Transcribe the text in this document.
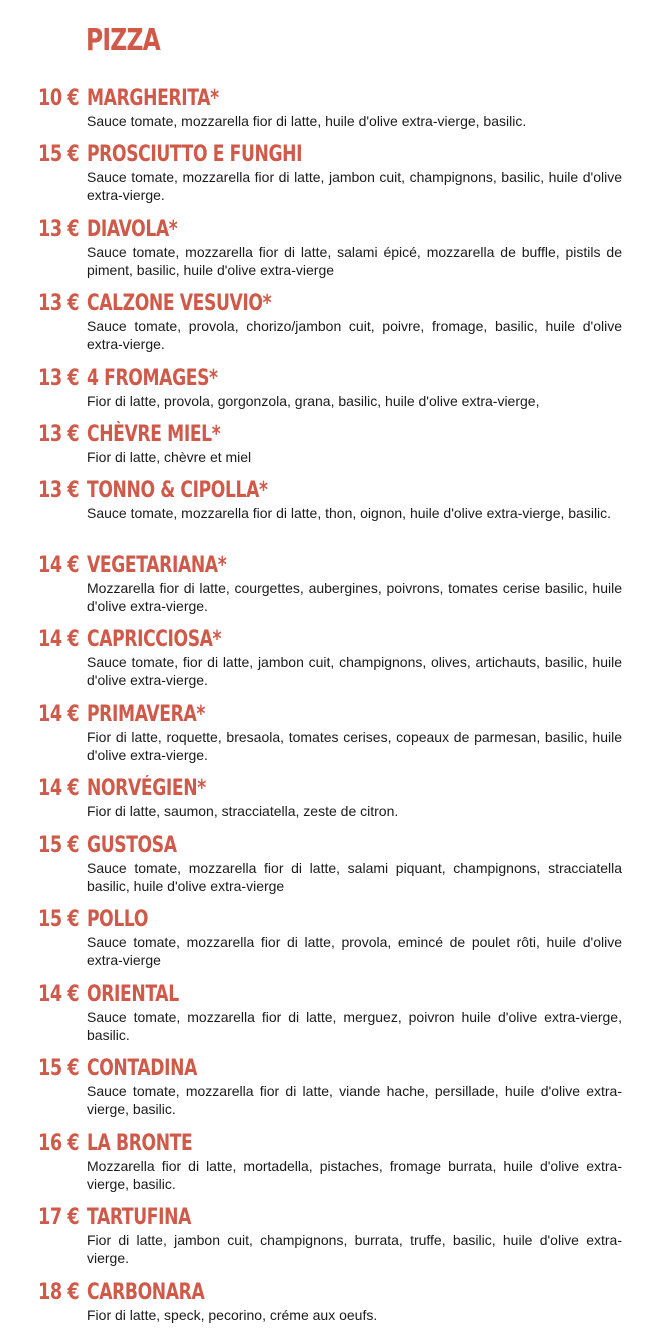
PIZZA
10 € MARGHERITA*

Sauce tomate, mozzarella fior di latte, huile d'olive extra-vierge, basilic.

15 € PROSCIUTTO E FUNGHI

Sauce tomate, mozzarella fior di latte, jambon cuit, champignons, basilic, huile d'olive extra-vierge.

13 € DIAVOLA*

Sauce tomate, mozzarella fior di latte, salami épicé, mozzarella de buffle, pistils de piment, basilic, huile d'olive extra-vierge

13 € CALZONE VESUVIO*

Sauce tomate, provola, chorizo/jambon cuit, poivre, fromage, basilic, huile d'olive extra-vierge.

13 € 4 FROMAGES*

Fior di latte, provola, gorgonzola, grana, basilic, huile d'olive extra-vierge,

13 € CHÈVRE MIEL*

Fior di latte, chèvre et miel

13 € TONNO & CIPOLLA*

Sauce tomate, mozzarella fior di latte, thon, oignon, huile d'olive extra-vierge, basilic.

14 € VEGETARIANA*

Mozzarella fior di latte, courgettes, aubergines, poivrons, tomates cerise basilic, huile d'olive extra-vierge.

14 € CAPRICCIOSA*

Sauce tomate, fior di latte, jambon cuit, champignons, olives, artichauts, basilic, huile d'olive extra-vierge.

14 € PRIMAVERA*

Fior di latte, roquette, bresaola, tomates cerises, copeaux de parmesan, basilic, huile d'olive extra-vierge.

14 € NORVÉGIEN*

Fior di latte, saumon, stracciatella, zeste de citron.

15 € GUSTOSA

Sauce tomate, mozzarella fior di latte, salami piquant, champignons, stracciatella basilic, huile d'olive extra-vierge

15 € POLLO

Sauce tomate, mozzarella fior di latte, provola, emincé de poulet rôti, huile d'olive extra-vierge

14 € ORIENTAL

Sauce tomate, mozzarella fior di latte, merguez, poivron huile d'olive extra-vierge, basilic.

15 € CONTADINA

Sauce tomate, mozzarella fior di latte, viande hache, persillade, huile d'olive extra-vierge, basilic.

16 € LA BRONTE

Mozzarella fior di latte, mortadella, pistaches, fromage burrata, huile d'olive extra-vierge, basilic.

17 € TARTUFINA

Fior di latte, jambon cuit, champignons, burrata, truffe, basilic, huile d'olive extra-vierge.

18 € CARBONARA

Fior di latte, speck, pecorino, créme aux oeufs.
